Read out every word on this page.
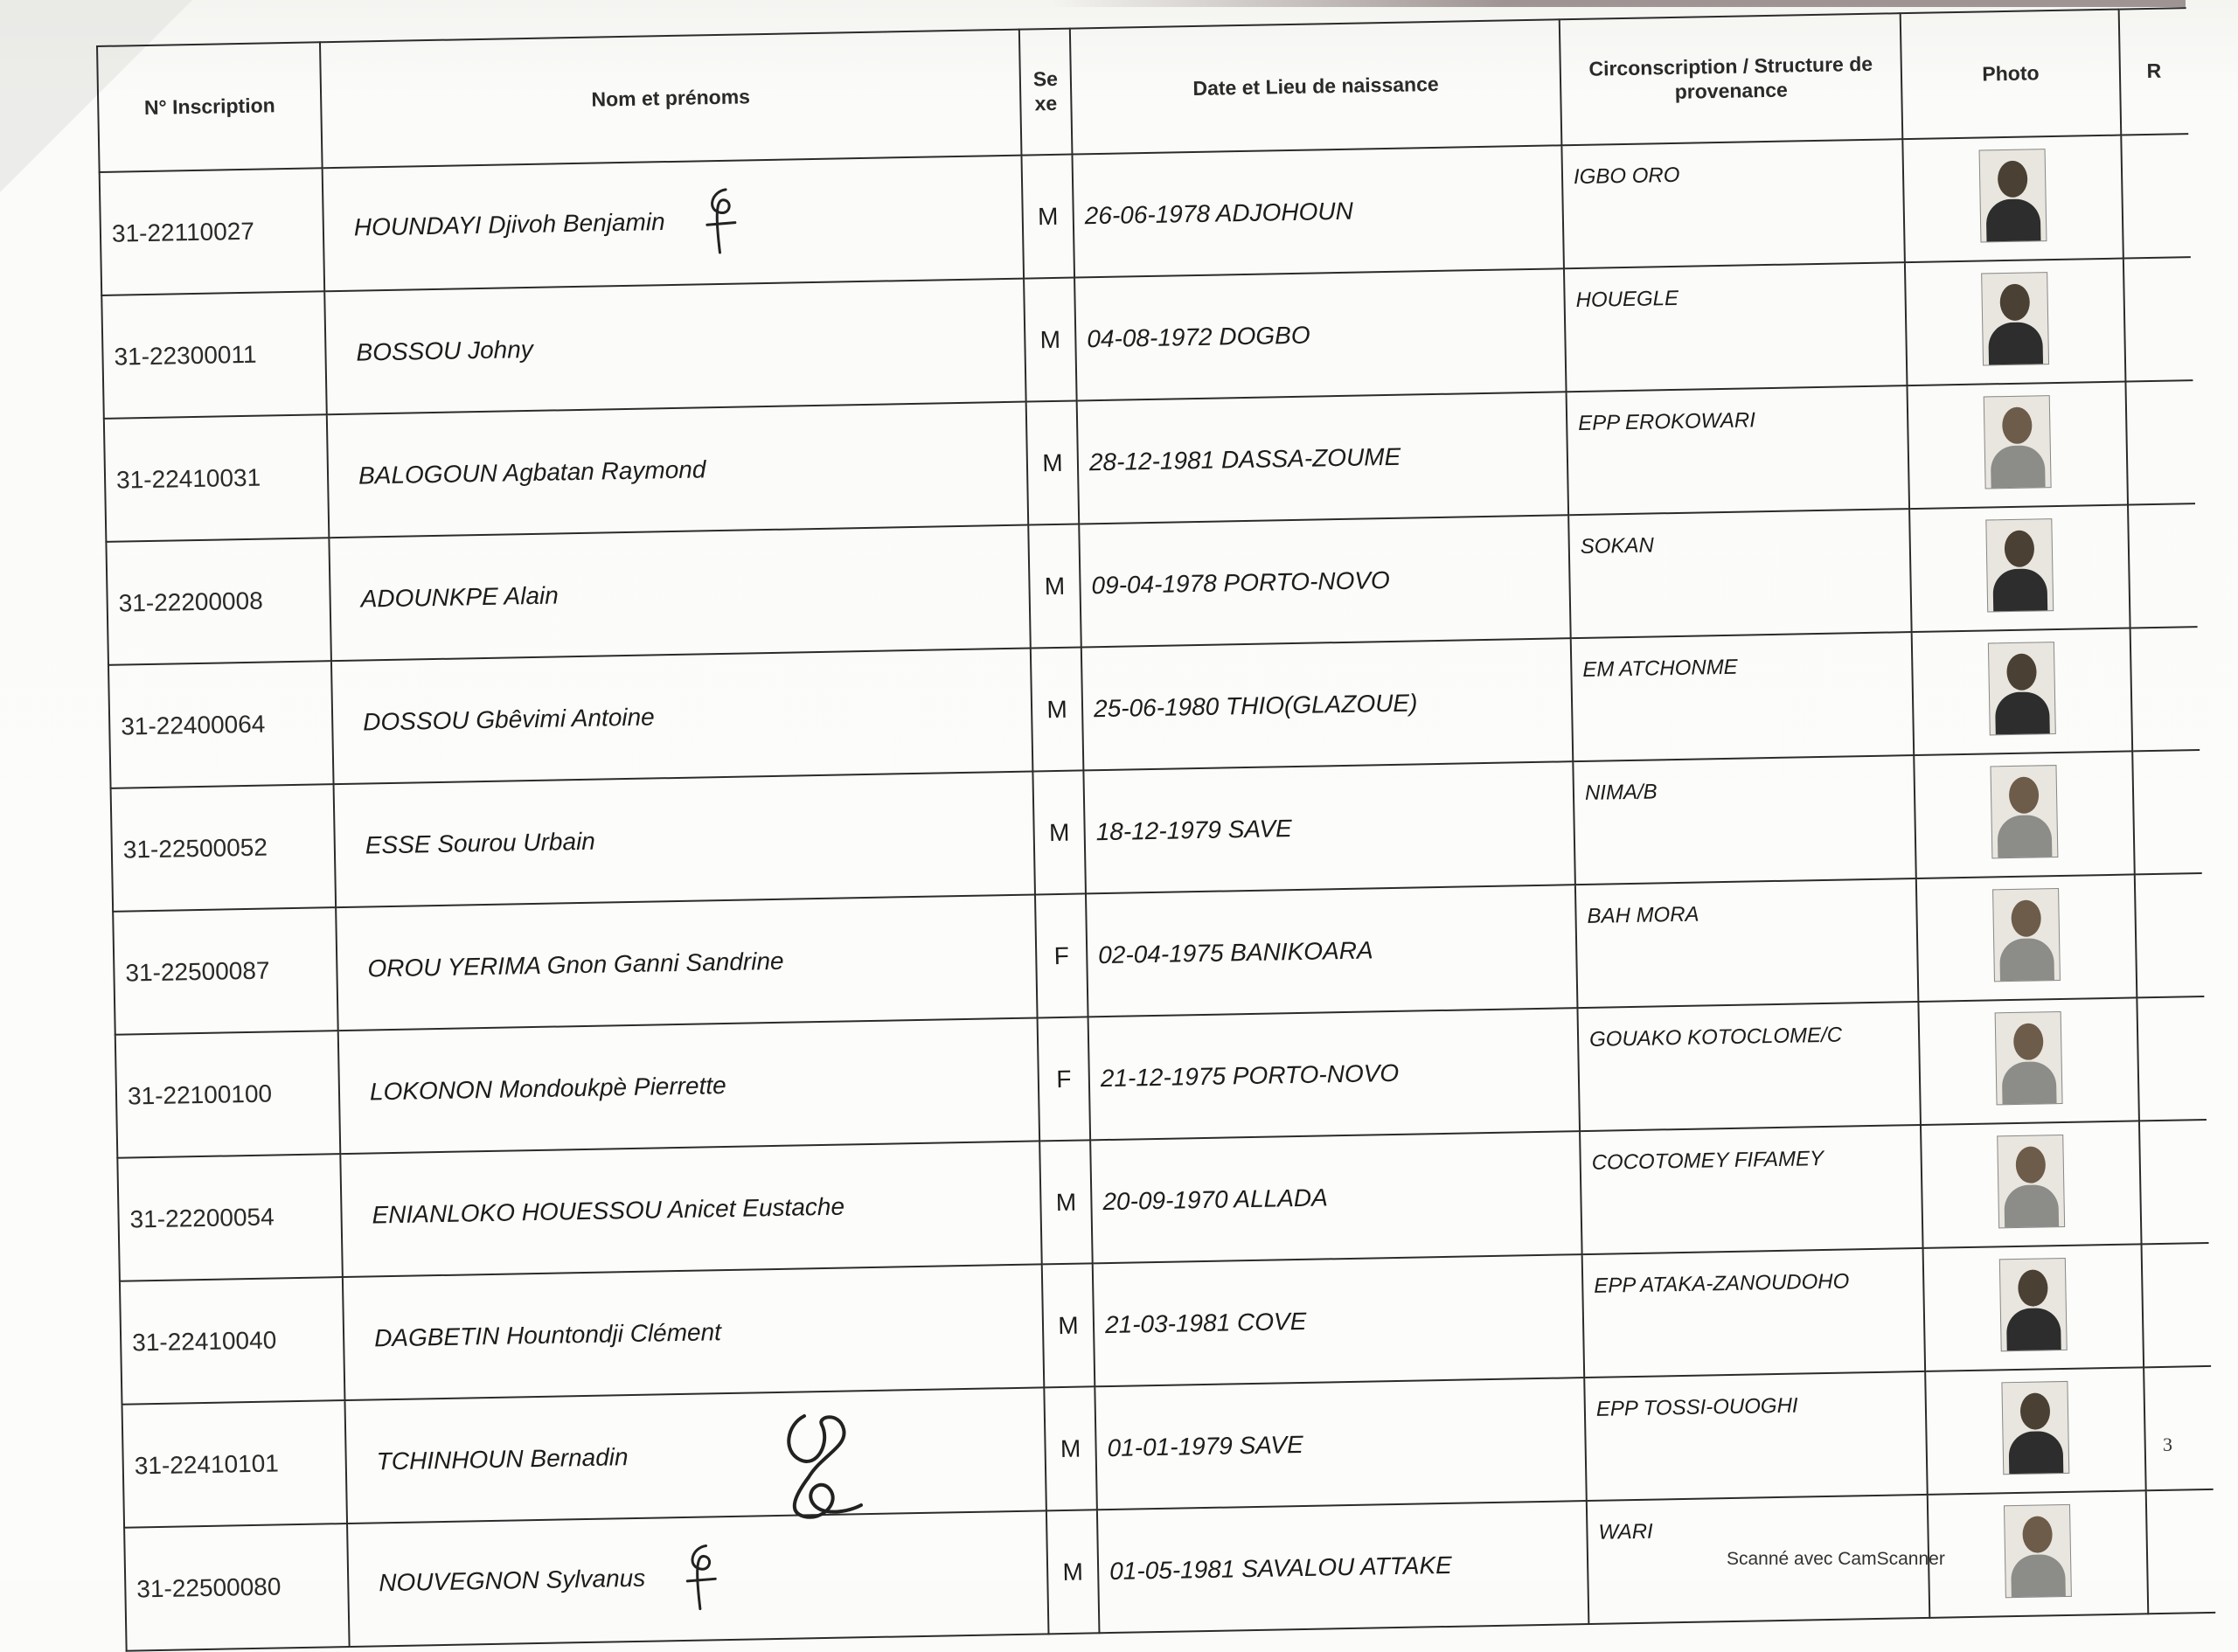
N° Inscription	Nom et prénoms	Se xe	Date et Lieu de naissance	Circonscription / Structure de provenance	Photo	R
31-22110027	HOUNDAYI Djivoh Benjamin	M	26-06-1978 ADJOHOUN	IGBO ORO	

31-22300011	BOSSOU Johny	M	04-08-1972 DOGBO	HOUEGLE	

31-22410031	BALOGOUN Agbatan Raymond	M	28-12-1981 DASSA-ZOUME	EPP EROKOWARI	

31-22200008	ADOUNKPE Alain	M	09-04-1978 PORTO-NOVO	SOKAN	

31-22400064	DOSSOU Gbêvimi Antoine	M	25-06-1980 THIO(GLAZOUE)	EM ATCHONME	

31-22500052	ESSE Sourou Urbain	M	18-12-1979 SAVE	NIMA/B	

31-22500087	OROU YERIMA Gnon Ganni Sandrine	F	02-04-1975 BANIKOARA	BAH MORA	

31-22100100	LOKONON Mondoukpè Pierrette	F	21-12-1975 PORTO-NOVO	GOUAKO KOTOCLOME/C	

31-22200054	ENIANLOKO HOUESSOU Anicet Eustache	M	20-09-1970 ALLADA	COCOTOMEY FIFAMEY	

31-22410040	DAGBETIN Hountondji Clément	M	21-03-1981 COVE	EPP ATAKA-ZANOUDOHO	

31-22410101	TCHINHOUN Bernadin	M	01-01-1979 SAVE	EPP TOSSI-OUOGHI	

31-22500080	NOUVEGNON Sylvanus	M	01-05-1981 SAVALOU ATTAKE	WARI	

3
Scanné avec CamScanner
